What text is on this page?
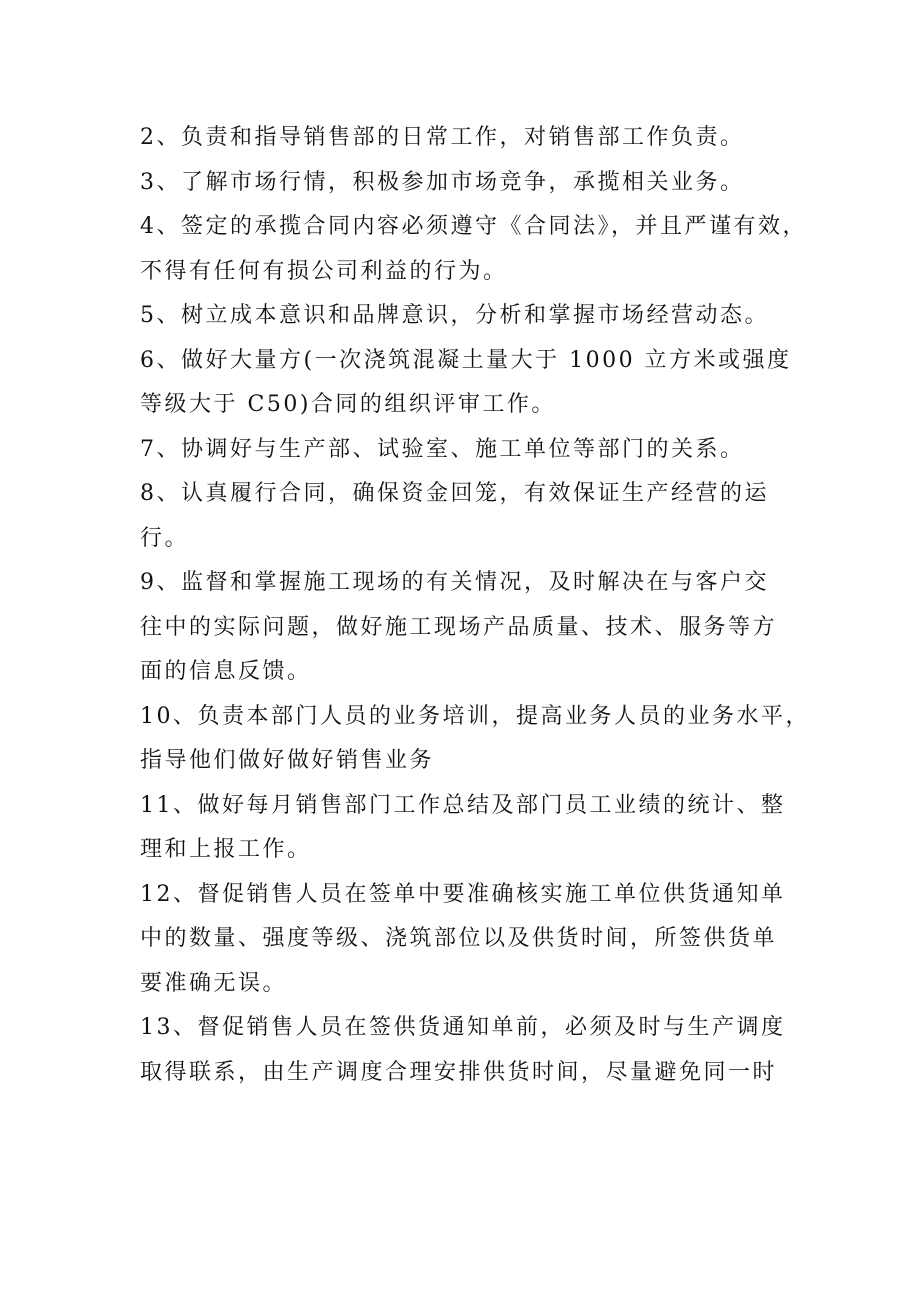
2、负责和指导销售部的日常工作，对销售部工作负责。
3、了解市场行情，积极参加市场竞争，承揽相关业务。
4、签定的承揽合同内容必须遵守《合同法》，并且严谨有效，
不得有任何有损公司利益的行为。
5、树立成本意识和品牌意识，分析和掌握市场经营动态。
6、做好大量方(一次浇筑混凝土量大于 1000 立方米或强度
等级大于 C50)合同的组织评审工作。
7、协调好与生产部、试验室、施工单位等部门的关系。
8、认真履行合同，确保资金回笼，有效保证生产经营的运
行。
9、监督和掌握施工现场的有关情况，及时解决在与客户交
往中的实际问题，做好施工现场产品质量、技术、服务等方
面的信息反馈。
10、负责本部门人员的业务培训，提高业务人员的业务水平，
指导他们做好做好销售业务
11、做好每月销售部门工作总结及部门员工业绩的统计、整
理和上报工作。
12、督促销售人员在签单中要准确核实施工单位供货通知单
中的数量、强度等级、浇筑部位以及供货时间，所签供货单
要准确无误。
13、督促销售人员在签供货通知单前，必须及时与生产调度
取得联系，由生产调度合理安排供货时间，尽量避免同一时
